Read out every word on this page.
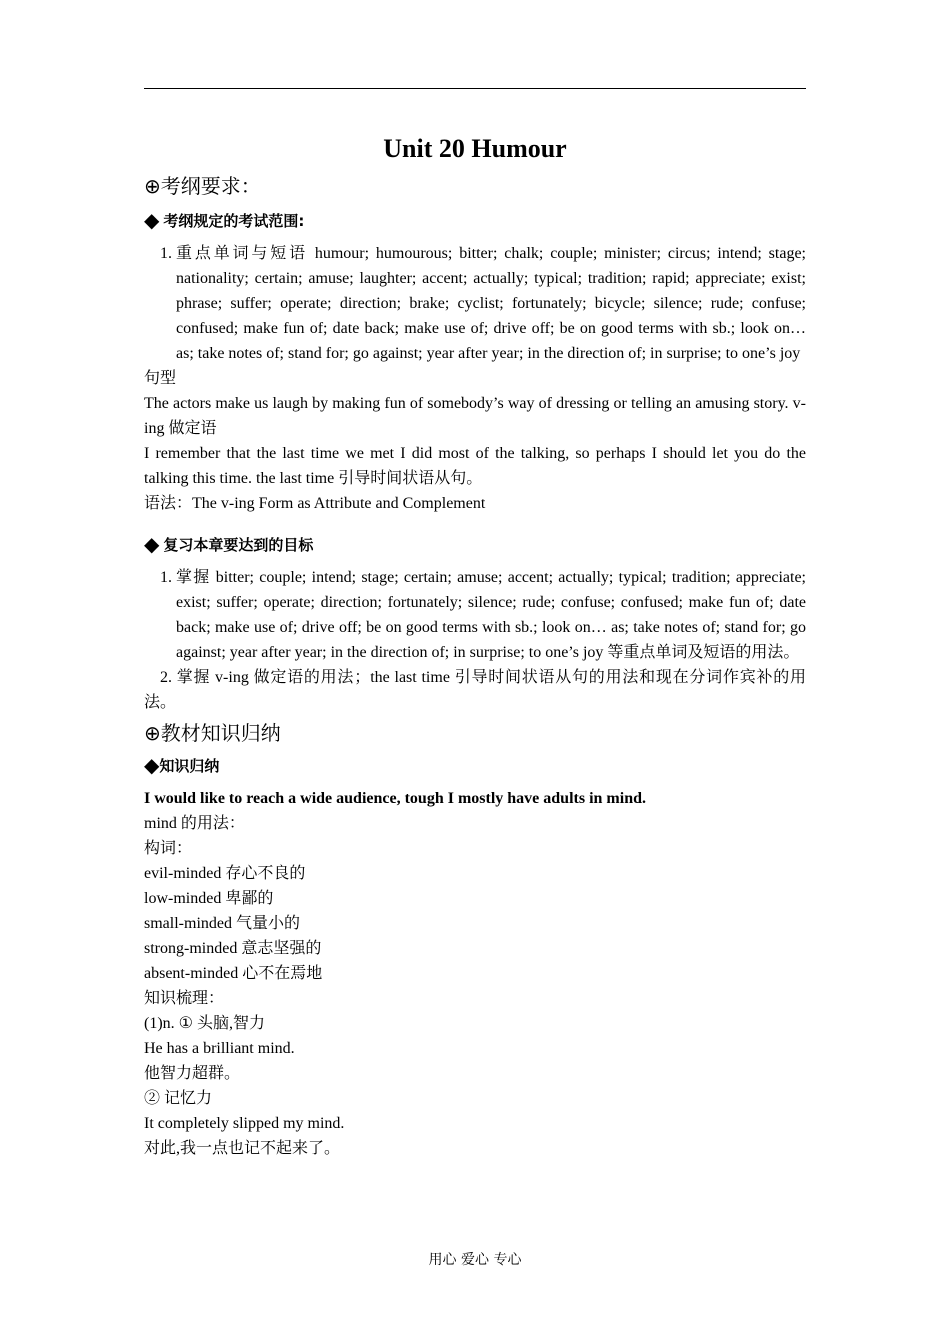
Unit 20 Humour
⊕考纲要求：
◆ 考纲规定的考试范围:
1. 重点单词与短语 humour; humourous; bitter; chalk; couple; minister; circus; intend; stage; nationality; certain; amuse; laughter; accent; actually; typical; tradition; rapid; appreciate; exist; phrase; suffer; operate; direction; brake; cyclist; fortunately; bicycle; silence; rude; confuse; confused; make fun of; date back; make use of; drive off; be on good terms with sb.; look on… as; take notes of; stand for; go against; year after year; in the direction of; in surprise; to one’s joy
句型
The actors make us laugh by making fun of somebody’s way of dressing or telling an amusing story. v-ing 做定语
I remember that the last time we met I did most of the talking, so perhaps I should let you do the talking this time. the last time 引导时间状语从句。
语法：The v-ing Form as Attribute and Complement
◆ 复习本章要达到的目标
1. 掌握 bitter; couple; intend; stage; certain; amuse; accent; actually; typical; tradition; appreciate; exist; suffer; operate; direction; fortunately; silence; rude; confuse; confused; make fun of; date back; make use of; drive off; be on good terms with sb.; look on… as; take notes of; stand for; go against; year after year; in the direction of; in surprise; to one’s joy 等重点单词及短语的用法。
2. 掌握 v-ing 做定语的用法；the last time 引导时间状语从句的用法和现在分词作宾补的用法。
⊕教材知识归纳
◆知识归纳
I would like to reach a wide audience, tough I mostly have adults in mind.
mind 的用法：
构词：
evil-minded 存心不良的
low-minded 卑鄙的
small-minded 气量小的
strong-minded 意志坚强的
absent-minded 心不在焉地
知识梳理：
(1)n. ① 头脑,智力
He has a brilliant mind.
他智力超群。
② 记忆力
It completely slipped my mind.
对此,我一点也记不起来了。
用心 爱心 专心
